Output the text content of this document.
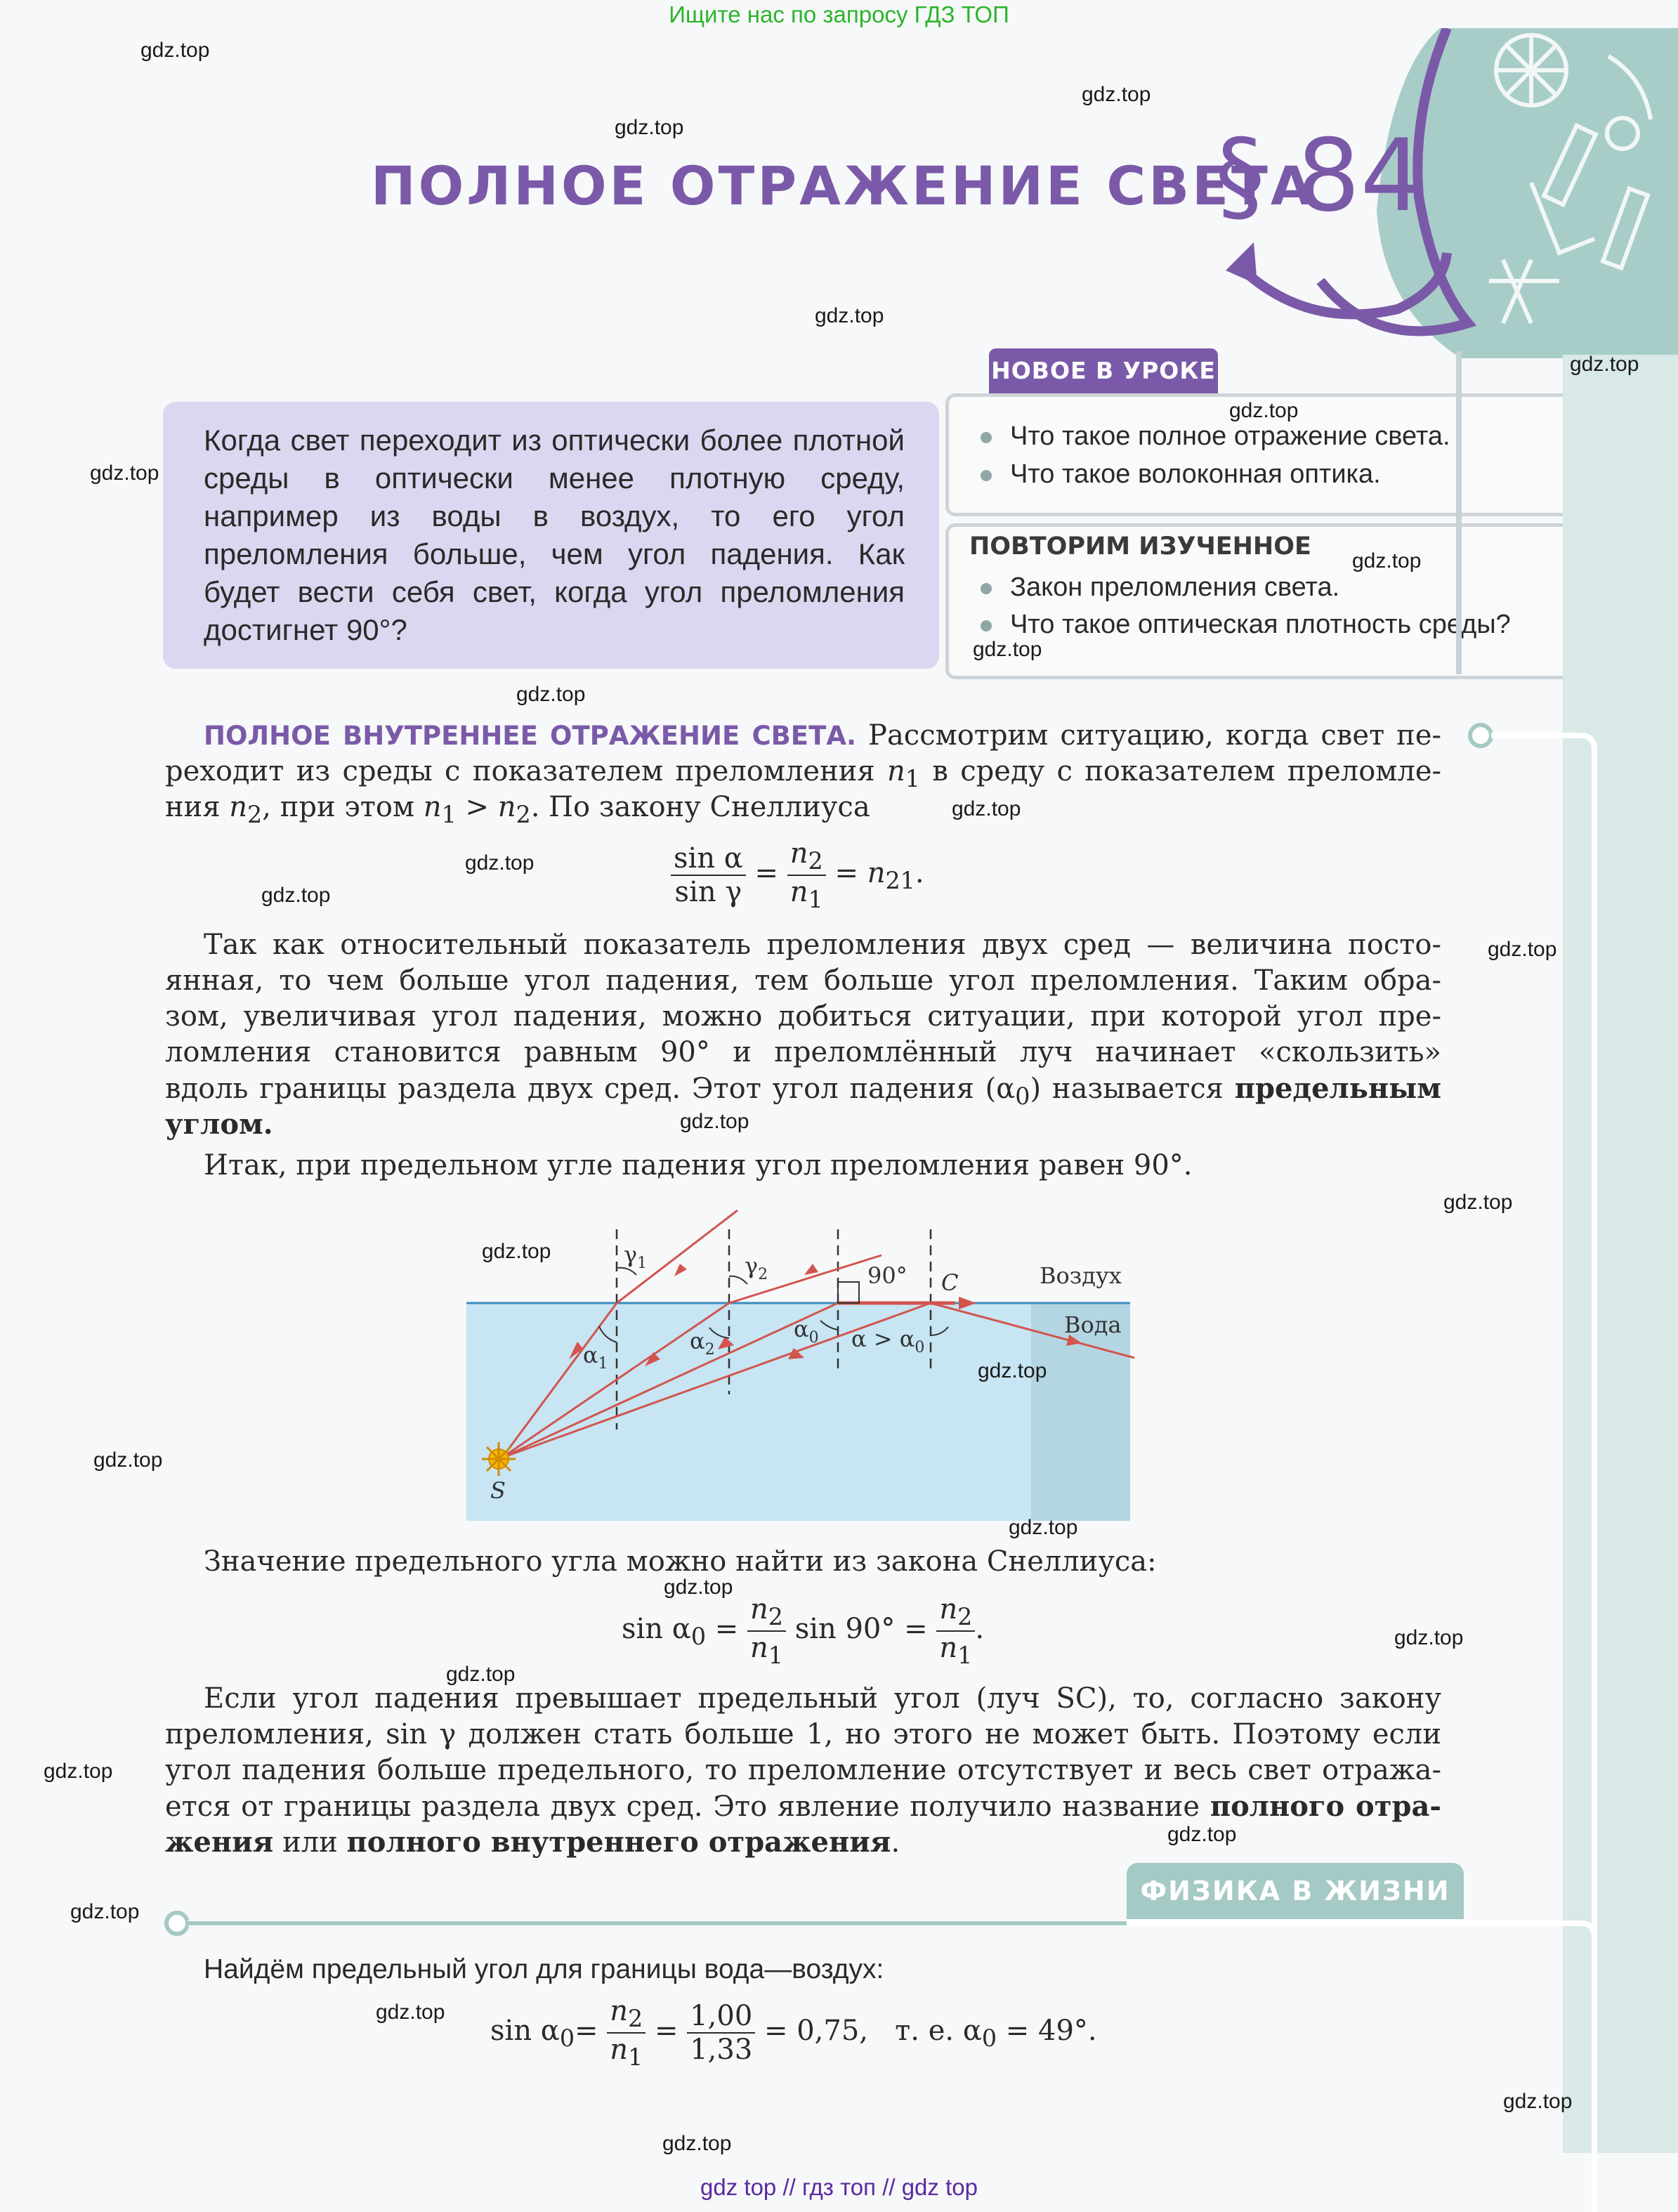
Ищите нас по запросу ГДЗ ТОП
gdz top // гдз топ // gdz top
ПОЛНОЕ ОТРАЖЕНИЕ СВЕТА
§ 84
Когда свет переходит из оптически более плотной среды в оптически менее плотную среду, например из воды в воздух, то его угол преломления больше, чем угол падения. Как будет вести себя свет, когда угол преломления достигнет 90°?
НОВОЕ В УРОКЕ
Что такое полное отражение света.
Что такое волоконная оптика.
ПОВТОРИМ ИЗУЧЕННОЕ
Закон преломления света.
Что такое оптическая плотность среды?
ПОЛНОЕ ВНУТРЕННЕЕ ОТРАЖЕНИЕ СВЕТА. Рассмотрим ситуацию, когда свет пе-
реходит из среды с показателем преломления $n_1$ в среду с показателем преломле-
ния $n_2$, при этом $n_1 > n_2$. По закону Снеллиуса
$\frac{\text{sin α}}{\text{sin γ}} = \frac{n_2}{n_1} = n_{21}$.
Так как относительный показатель преломления двух сред — величина посто-
янная, то чем больше угол падения, тем больше угол преломления. Таким обра-
зом, увеличивая угол падения, можно добиться ситуации, при которой угол пре-
ломления становится равным 90° и преломлённый луч начинает «скользить»
вдоль границы раздела двух сред. Этот угол падения $(\alpha_0)$ называется предельным
углом.
Итак, при предельном угле падения угол преломления равен 90°.
$\gamma_1$	$\gamma_2$	90° C	Воздух
Вода
$\alpha_1$
$\alpha_2$
$\alpha_0$ $\alpha > \alpha_0$
S
Значение предельного угла можно найти из закона Снеллиуса:
$\sin \alpha_0 = \frac{n_2}{n_1}$ $\sin 90^\circ = \frac{n_2}{n_1}$ .
Если угол падения превышает предельный угол (луч SC), то, согласно закону
преломления, sin γ должен стать больше 1, но этого не может быть. Поэтому если
угол падения больше предельного, то преломление отсутствует и весь свет отража-
ется от границы раздела двух сред. Это явление получило название полного отра-
жения или полного внутреннего отражения.
ФИЗИКА В ЖИЗНИ
Найдём предельный угол для границы вода—воздух:
$\sin \alpha_0= \frac{n_2}{n_1} = \frac{1,00}{1,33} = 0,75$, т. е. $\alpha_0 = 49^\circ$.
gdz.top
gdz.top
gdz.top
gdz.top
gdz.top
gdz.top
gdz.top
gdz.top
gdz.top
gdz.top
gdz.top
gdz.top
gdz.top
gdz.top
gdz.top
gdz.top
gdz.top
gdz.top
gdz.top
gdz.top
gdz.top
gdz.top
gdz.top
gdz.top
gdz.top
gdz.top
gdz.top
gdz.top
gdz.top
